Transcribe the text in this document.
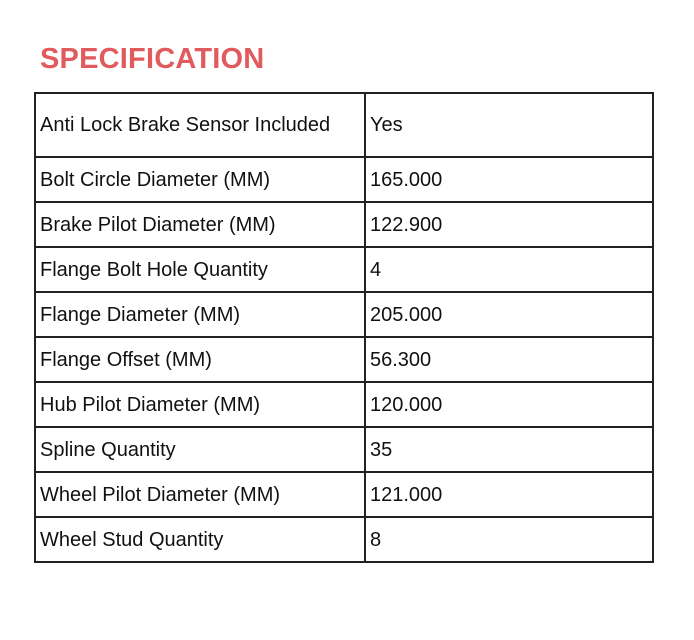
SPECIFICATION
Anti Lock Brake Sensor Included	Yes
Bolt Circle Diameter (MM)	165.000
Brake Pilot Diameter (MM)	122.900
Flange Bolt Hole Quantity	4
Flange Diameter (MM)	205.000
Flange Offset (MM)	56.300
Hub Pilot Diameter (MM)	120.000
Spline Quantity	35
Wheel Pilot Diameter (MM)	121.000
Wheel Stud Quantity	8
